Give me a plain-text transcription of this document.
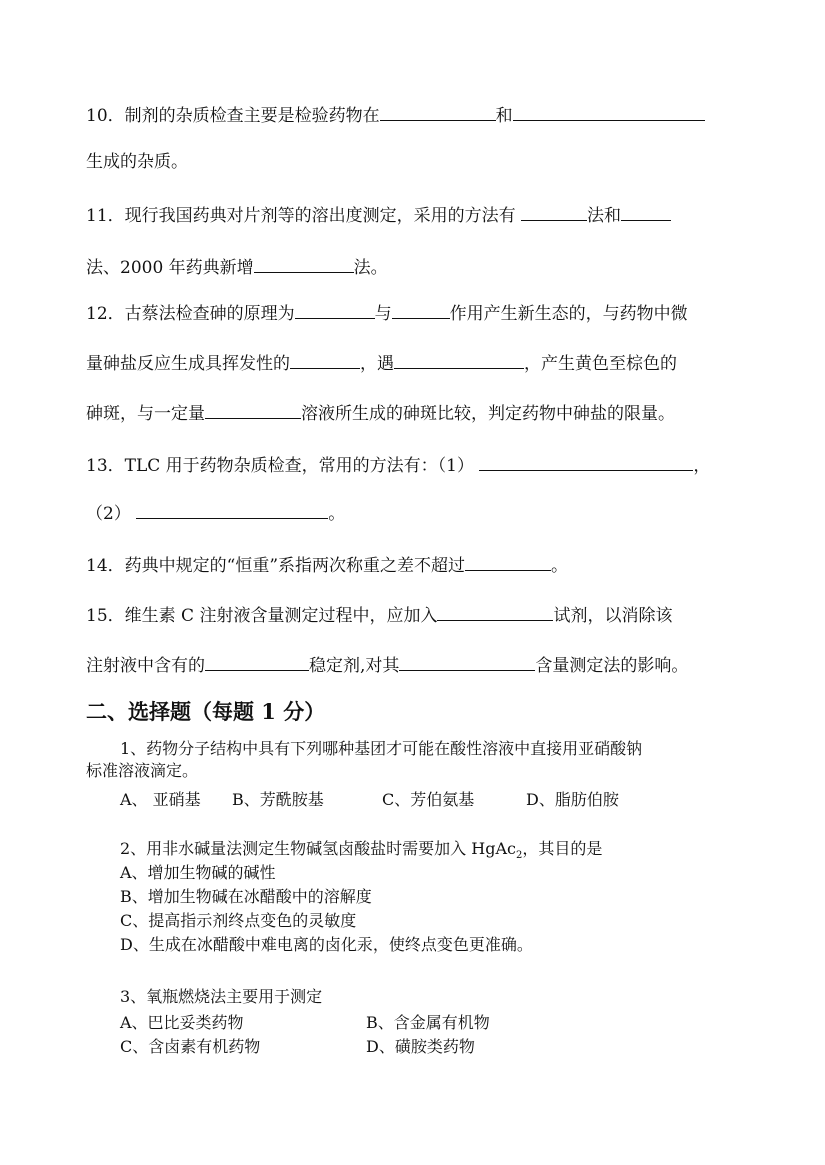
10．制剂的杂质检查主要是检验药物在	和
生成的杂质。
11．现行我国药典对片剂等的溶出度测定，采用的方法有	法和
法、2000 年药典新增	法。
12．古蔡法检查砷的原理为	与	作用产生新生态的，与药物中微
量砷盐反应生成具挥发性的	，遇	，产生黄色至棕色的
砷斑，与一定量	溶液所生成的砷斑比较，判定药物中砷盐的限量。
13．TLC 用于药物杂质检查，常用的方法有：（1）	，
（2）	。
14．药典中规定的“恒重”系指两次称重之差不超过	。
15．维生素 C 注射液含量测定过程中，应加入	试剂，以消除该
注射液中含有的	稳定剂,对其	含量测定法的影响。
二、选择题（每题 1 分）
1、药物分子结构中具有下列哪种基团才可能在酸性溶液中直接用亚硝酸钠
标准溶液滴定。
A、 亚硝基 B、芳酰胺基	C、芳伯氨基	D、脂肪伯胺
2、用非水碱量法测定生物碱氢卤酸盐时需要加入 HgAc$_2$，其目的是
A、增加生物碱的碱性
B、增加生物碱在冰醋酸中的溶解度
C、提高指示剂终点变色的灵敏度
D、生成在冰醋酸中难电离的卤化汞，使终点变色更准确。
3、氧瓶燃烧法主要用于测定
A、巴比妥类药物	B、含金属有机物
C、含卤素有机药物	D、磺胺类药物
